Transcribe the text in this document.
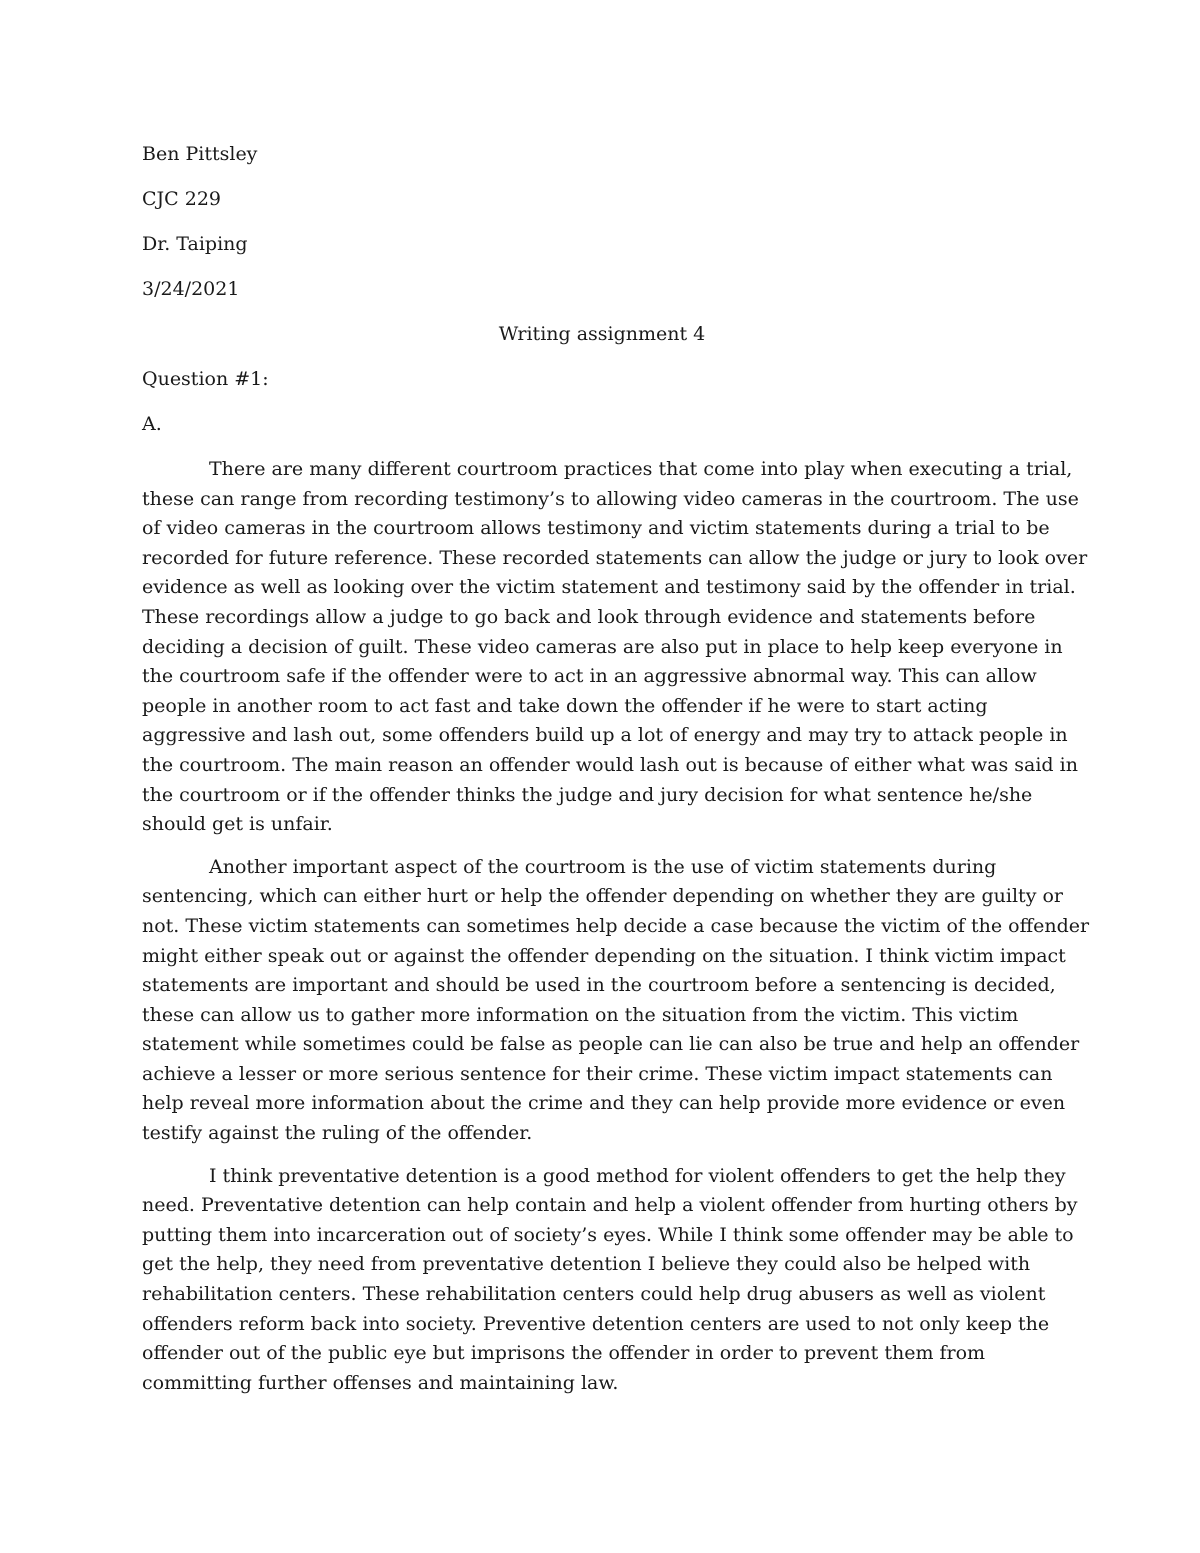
Ben Pittsley
CJC 229
Dr. Taiping
3/24/2021
Writing assignment 4
Question #1:
A.
There are many different courtroom practices that come into play when executing a trial,
these can range from recording testimony’s to allowing video cameras in the courtroom. The use
of video cameras in the courtroom allows testimony and victim statements during a trial to be
recorded for future reference. These recorded statements can allow the judge or jury to look over
evidence as well as looking over the victim statement and testimony said by the offender in trial.
These recordings allow a judge to go back and look through evidence and statements before
deciding a decision of guilt. These video cameras are also put in place to help keep everyone in
the courtroom safe if the offender were to act in an aggressive abnormal way. This can allow
people in another room to act fast and take down the offender if he were to start acting
aggressive and lash out, some offenders build up a lot of energy and may try to attack people in
the courtroom. The main reason an offender would lash out is because of either what was said in
the courtroom or if the offender thinks the judge and jury decision for what sentence he/she
should get is unfair.
Another important aspect of the courtroom is the use of victim statements during
sentencing, which can either hurt or help the offender depending on whether they are guilty or
not. These victim statements can sometimes help decide a case because the victim of the offender
might either speak out or against the offender depending on the situation. I think victim impact
statements are important and should be used in the courtroom before a sentencing is decided,
these can allow us to gather more information on the situation from the victim. This victim
statement while sometimes could be false as people can lie can also be true and help an offender
achieve a lesser or more serious sentence for their crime. These victim impact statements can
help reveal more information about the crime and they can help provide more evidence or even
testify against the ruling of the offender.
I think preventative detention is a good method for violent offenders to get the help they
need. Preventative detention can help contain and help a violent offender from hurting others by
putting them into incarceration out of society’s eyes. While I think some offender may be able to
get the help, they need from preventative detention I believe they could also be helped with
rehabilitation centers. These rehabilitation centers could help drug abusers as well as violent
offenders reform back into society. Preventive detention centers are used to not only keep the
offender out of the public eye but imprisons the offender in order to prevent them from
committing further offenses and maintaining law.
